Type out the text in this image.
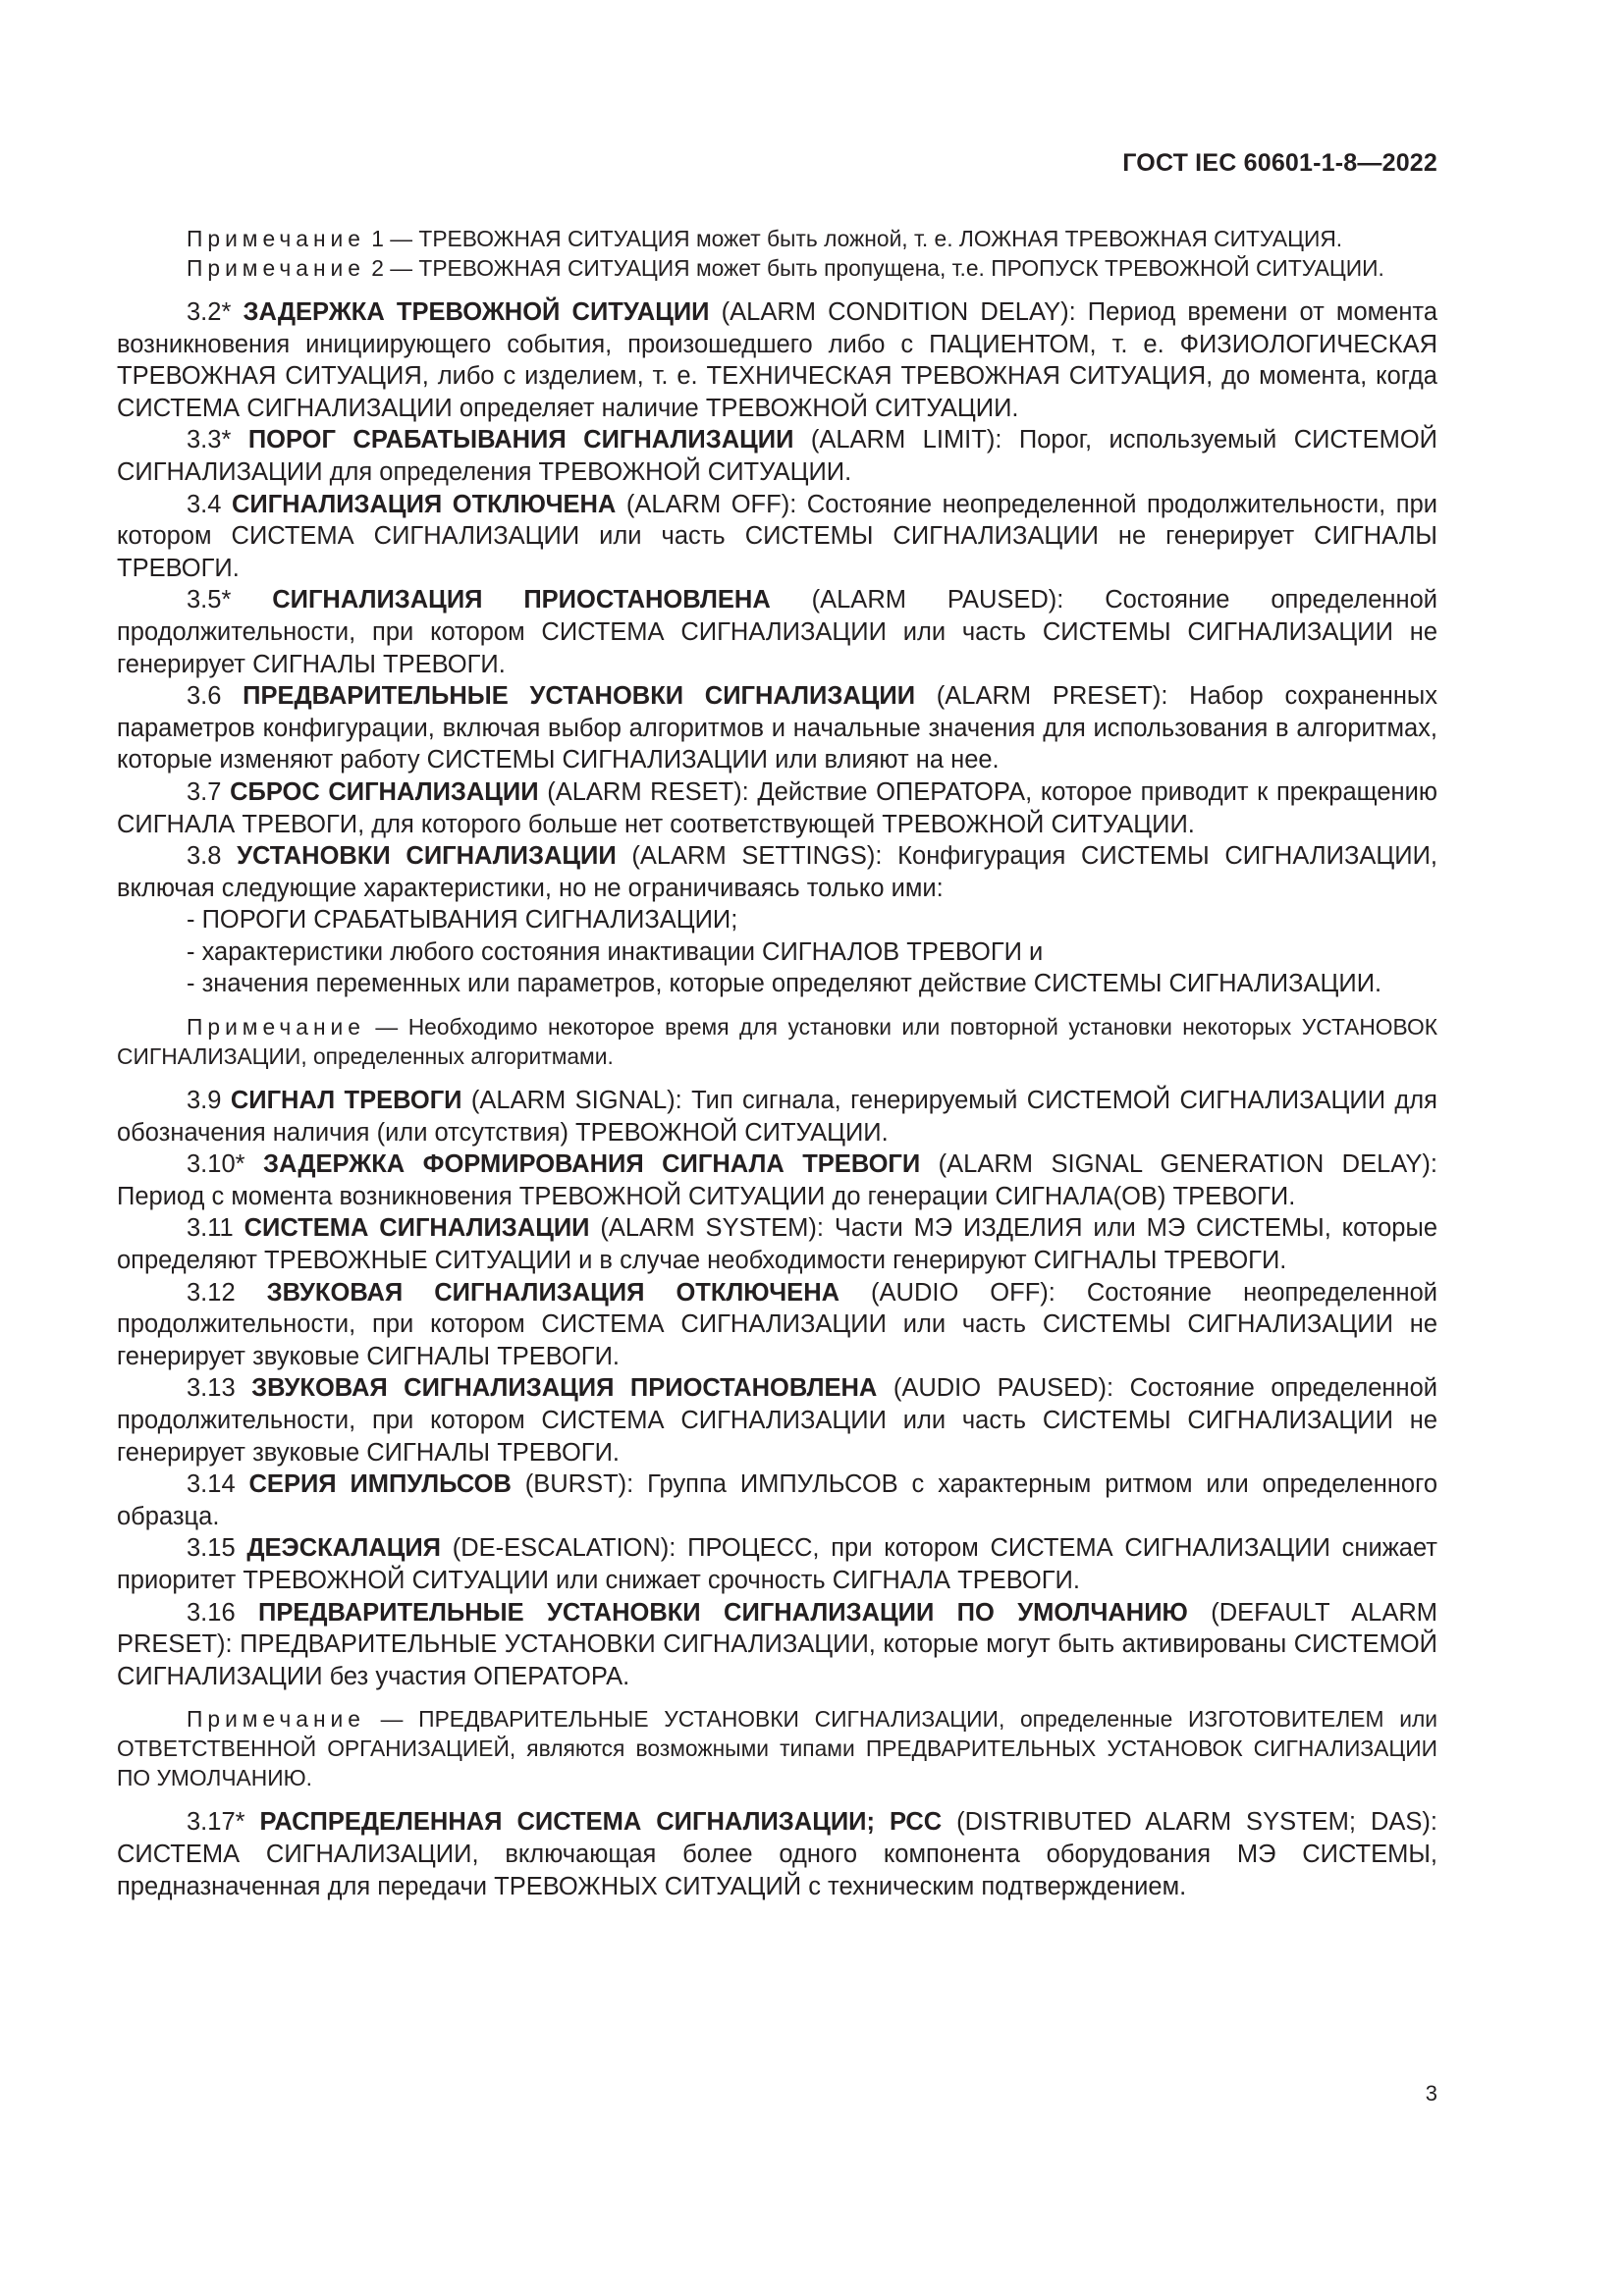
ГОСТ IEC 60601-1-8—2022

Примечание 1 — ТРЕВОЖНАЯ СИТУАЦИЯ может быть ложной, т. е. ЛОЖНАЯ ТРЕВОЖНАЯ СИТУАЦИЯ.

Примечание 2 — ТРЕВОЖНАЯ СИТУАЦИЯ может быть пропущена, т.е. ПРОПУСК ТРЕВОЖНОЙ СИТУАЦИИ.

3.2* ЗАДЕРЖКА ТРЕВОЖНОЙ СИТУАЦИИ (ALARM CONDITION DELAY): Период времени от момента возникновения инициирующего события, произошедшего либо с ПАЦИЕНТОМ, т. е. ФИЗИОЛОГИЧЕСКАЯ ТРЕВОЖНАЯ СИТУАЦИЯ, либо с изделием, т. е. ТЕХНИЧЕСКАЯ ТРЕВОЖНАЯ СИТУАЦИЯ, до момента, когда СИСТЕМА СИГНАЛИЗАЦИИ определяет наличие ТРЕВОЖНОЙ СИТУАЦИИ.

3.3* ПОРОГ СРАБАТЫВАНИЯ СИГНАЛИЗАЦИИ (ALARM LIMIT): Порог, используемый СИСТЕМОЙ СИГНАЛИЗАЦИИ для определения ТРЕВОЖНОЙ СИТУАЦИИ.

3.4 СИГНАЛИЗАЦИЯ ОТКЛЮЧЕНА (ALARM OFF): Состояние неопределенной продолжительности, при котором СИСТЕМА СИГНАЛИЗАЦИИ или часть СИСТЕМЫ СИГНАЛИЗАЦИИ не генерирует СИГНАЛЫ ТРЕВОГИ.

3.5* СИГНАЛИЗАЦИЯ ПРИОСТАНОВЛЕНА (ALARM PAUSED): Состояние определенной продолжительности, при котором СИСТЕМА СИГНАЛИЗАЦИИ или часть СИСТЕМЫ СИГНАЛИЗАЦИИ не генерирует СИГНАЛЫ ТРЕВОГИ.

3.6 ПРЕДВАРИТЕЛЬНЫЕ УСТАНОВКИ СИГНАЛИЗАЦИИ (ALARM PRESET): Набор сохраненных параметров конфигурации, включая выбор алгоритмов и начальные значения для использования в алгоритмах, которые изменяют работу СИСТЕМЫ СИГНАЛИЗАЦИИ или влияют на нее.

3.7 СБРОС СИГНАЛИЗАЦИИ (ALARM RESET): Действие ОПЕРАТОРА, которое приводит к прекращению СИГНАЛА ТРЕВОГИ, для которого больше нет соответствующей ТРЕВОЖНОЙ СИТУАЦИИ.

3.8 УСТАНОВКИ СИГНАЛИЗАЦИИ (ALARM SETTINGS): Конфигурация СИСТЕМЫ СИГНАЛИЗАЦИИ, включая следующие характеристики, но не ограничиваясь только ими:

- ПОРОГИ СРАБАТЫВАНИЯ СИГНАЛИЗАЦИИ;

- характеристики любого состояния инактивации СИГНАЛОВ ТРЕВОГИ и

- значения переменных или параметров, которые определяют действие СИСТЕМЫ СИГНАЛИЗАЦИИ.

Примечание — Необходимо некоторое время для установки или повторной установки некоторых УСТАНОВОК СИГНАЛИЗАЦИИ, определенных алгоритмами.

3.9 СИГНАЛ ТРЕВОГИ (ALARM SIGNAL): Тип сигнала, генерируемый СИСТЕМОЙ СИГНАЛИЗАЦИИ для обозначения наличия (или отсутствия) ТРЕВОЖНОЙ СИТУАЦИИ.

3.10* ЗАДЕРЖКА ФОРМИРОВАНИЯ СИГНАЛА ТРЕВОГИ (ALARM SIGNAL GENERATION DELAY): Период с момента возникновения ТРЕВОЖНОЙ СИТУАЦИИ до генерации СИГНАЛА(ОВ) ТРЕВОГИ.

3.11 СИСТЕМА СИГНАЛИЗАЦИИ (ALARM SYSTEM): Части МЭ ИЗДЕЛИЯ или МЭ СИСТЕМЫ, которые определяют ТРЕВОЖНЫЕ СИТУАЦИИ и в случае необходимости генерируют СИГНАЛЫ ТРЕВОГИ.

3.12 ЗВУКОВАЯ СИГНАЛИЗАЦИЯ ОТКЛЮЧЕНА (AUDIO OFF): Состояние неопределенной продолжительности, при котором СИСТЕМА СИГНАЛИЗАЦИИ или часть СИСТЕМЫ СИГНАЛИЗАЦИИ не генерирует звуковые СИГНАЛЫ ТРЕВОГИ.

3.13 ЗВУКОВАЯ СИГНАЛИЗАЦИЯ ПРИОСТАНОВЛЕНА (AUDIO PAUSED): Состояние определенной продолжительности, при котором СИСТЕМА СИГНАЛИЗАЦИИ или часть СИСТЕМЫ СИГНАЛИЗАЦИИ не генерирует звуковые СИГНАЛЫ ТРЕВОГИ.

3.14 СЕРИЯ ИМПУЛЬСОВ (BURST): Группа ИМПУЛЬСОВ с характерным ритмом или определенного образца.

3.15 ДЕЭСКАЛАЦИЯ (DE-ESCALATION): ПРОЦЕСС, при котором СИСТЕМА СИГНАЛИЗАЦИИ снижает приоритет ТРЕВОЖНОЙ СИТУАЦИИ или снижает срочность СИГНАЛА ТРЕВОГИ.

3.16 ПРЕДВАРИТЕЛЬНЫЕ УСТАНОВКИ СИГНАЛИЗАЦИИ ПО УМОЛЧАНИЮ (DEFAULT ALARM PRESET): ПРЕДВАРИТЕЛЬНЫЕ УСТАНОВКИ СИГНАЛИЗАЦИИ, которые могут быть активированы СИСТЕМОЙ СИГНАЛИЗАЦИИ без участия ОПЕРАТОРА.

Примечание — ПРЕДВАРИТЕЛЬНЫЕ УСТАНОВКИ СИГНАЛИЗАЦИИ, определенные ИЗГОТОВИТЕЛЕМ или ОТВЕТСТВЕННОЙ ОРГАНИЗАЦИЕЙ, являются возможными типами ПРЕДВАРИТЕЛЬНЫХ УСТАНОВОК СИГНАЛИЗАЦИИ ПО УМОЛЧАНИЮ.

3.17* РАСПРЕДЕЛЕННАЯ СИСТЕМА СИГНАЛИЗАЦИИ; РСС (DISTRIBUTED ALARM SYSTEM; DAS): СИСТЕМА СИГНАЛИЗАЦИИ, включающая более одного компонента оборудования МЭ СИСТЕМЫ, предназначенная для передачи ТРЕВОЖНЫХ СИТУАЦИЙ с техническим подтверждением.

3
